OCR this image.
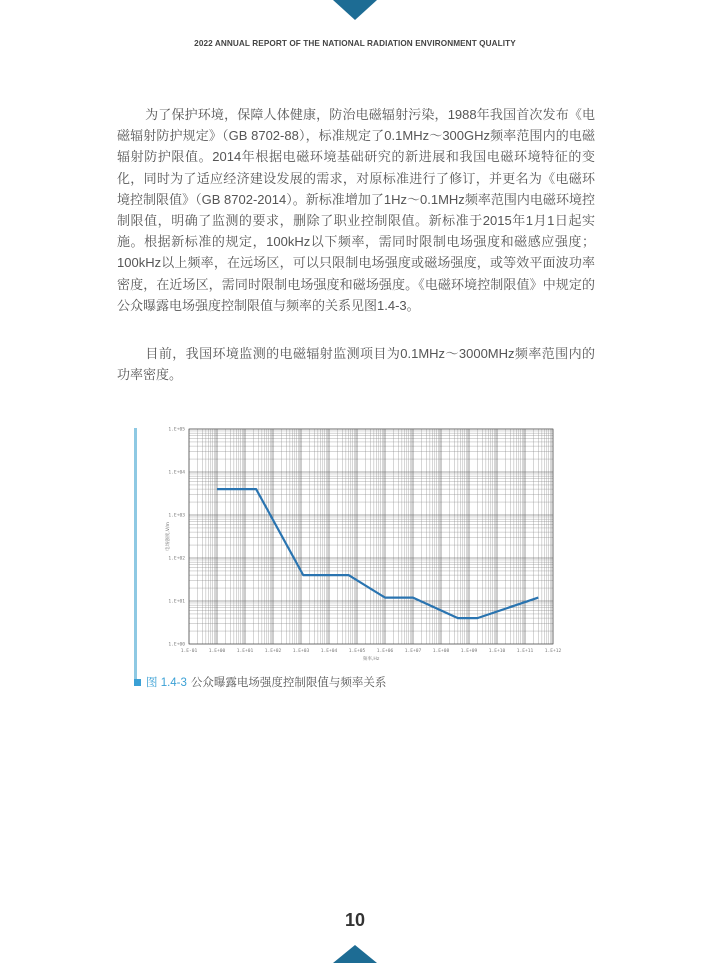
2022 ANNUAL REPORT OF THE NATIONAL RADIATION ENVIRONMENT QUALITY

为了保护环境，保障人体健康，防治电磁辐射污染，1988年我国首次发布《电磁辐射防护规定》（GB 8702-88），标准规定了0.1MHz～300GHz频率范围内的电磁辐射防护限值。2014年根据电磁环境基础研究的新进展和我国电磁环境特征的变化，同时为了适应经济建设发展的需求，对原标准进行了修订，并更名为《电磁环境控制限值》（GB 8702-2014）。新标准增加了1Hz～0.1MHz频率范围内电磁环境控制限值，明确了监测的要求，删除了职业控制限值。新标准于2015年1月1日起实施。根据新标准的规定，100kHz以下频率，需同时限制电场强度和磁感应强度；100kHz以上频率，在远场区，可以只限制电场强度或磁场强度，或等效平面波功率密度，在近场区，需同时限制电场强度和磁场强度。《电磁环境控制限值》中规定的公众曝露电场强度控制限值与频率的关系见图1.4-3。

目前，我国环境监测的电磁辐射监测项目为0.1MHz～3000MHz频率范围内的功率密度。

1.E-01 1.E+00 1.E+01 1.E+02 1.E+03 1.E+04 1.E+05 1.E+06 1.E+07 1.E+08 1.E+09 1.E+10 1.E+11 1.E+12
1.E+00
1.E+01
1.E+02
1.E+03
1.E+04
1.E+05
频率,Hz
电场强度,V/m
图 1.4-3 公众曝露电场强度控制限值与频率关系
10
